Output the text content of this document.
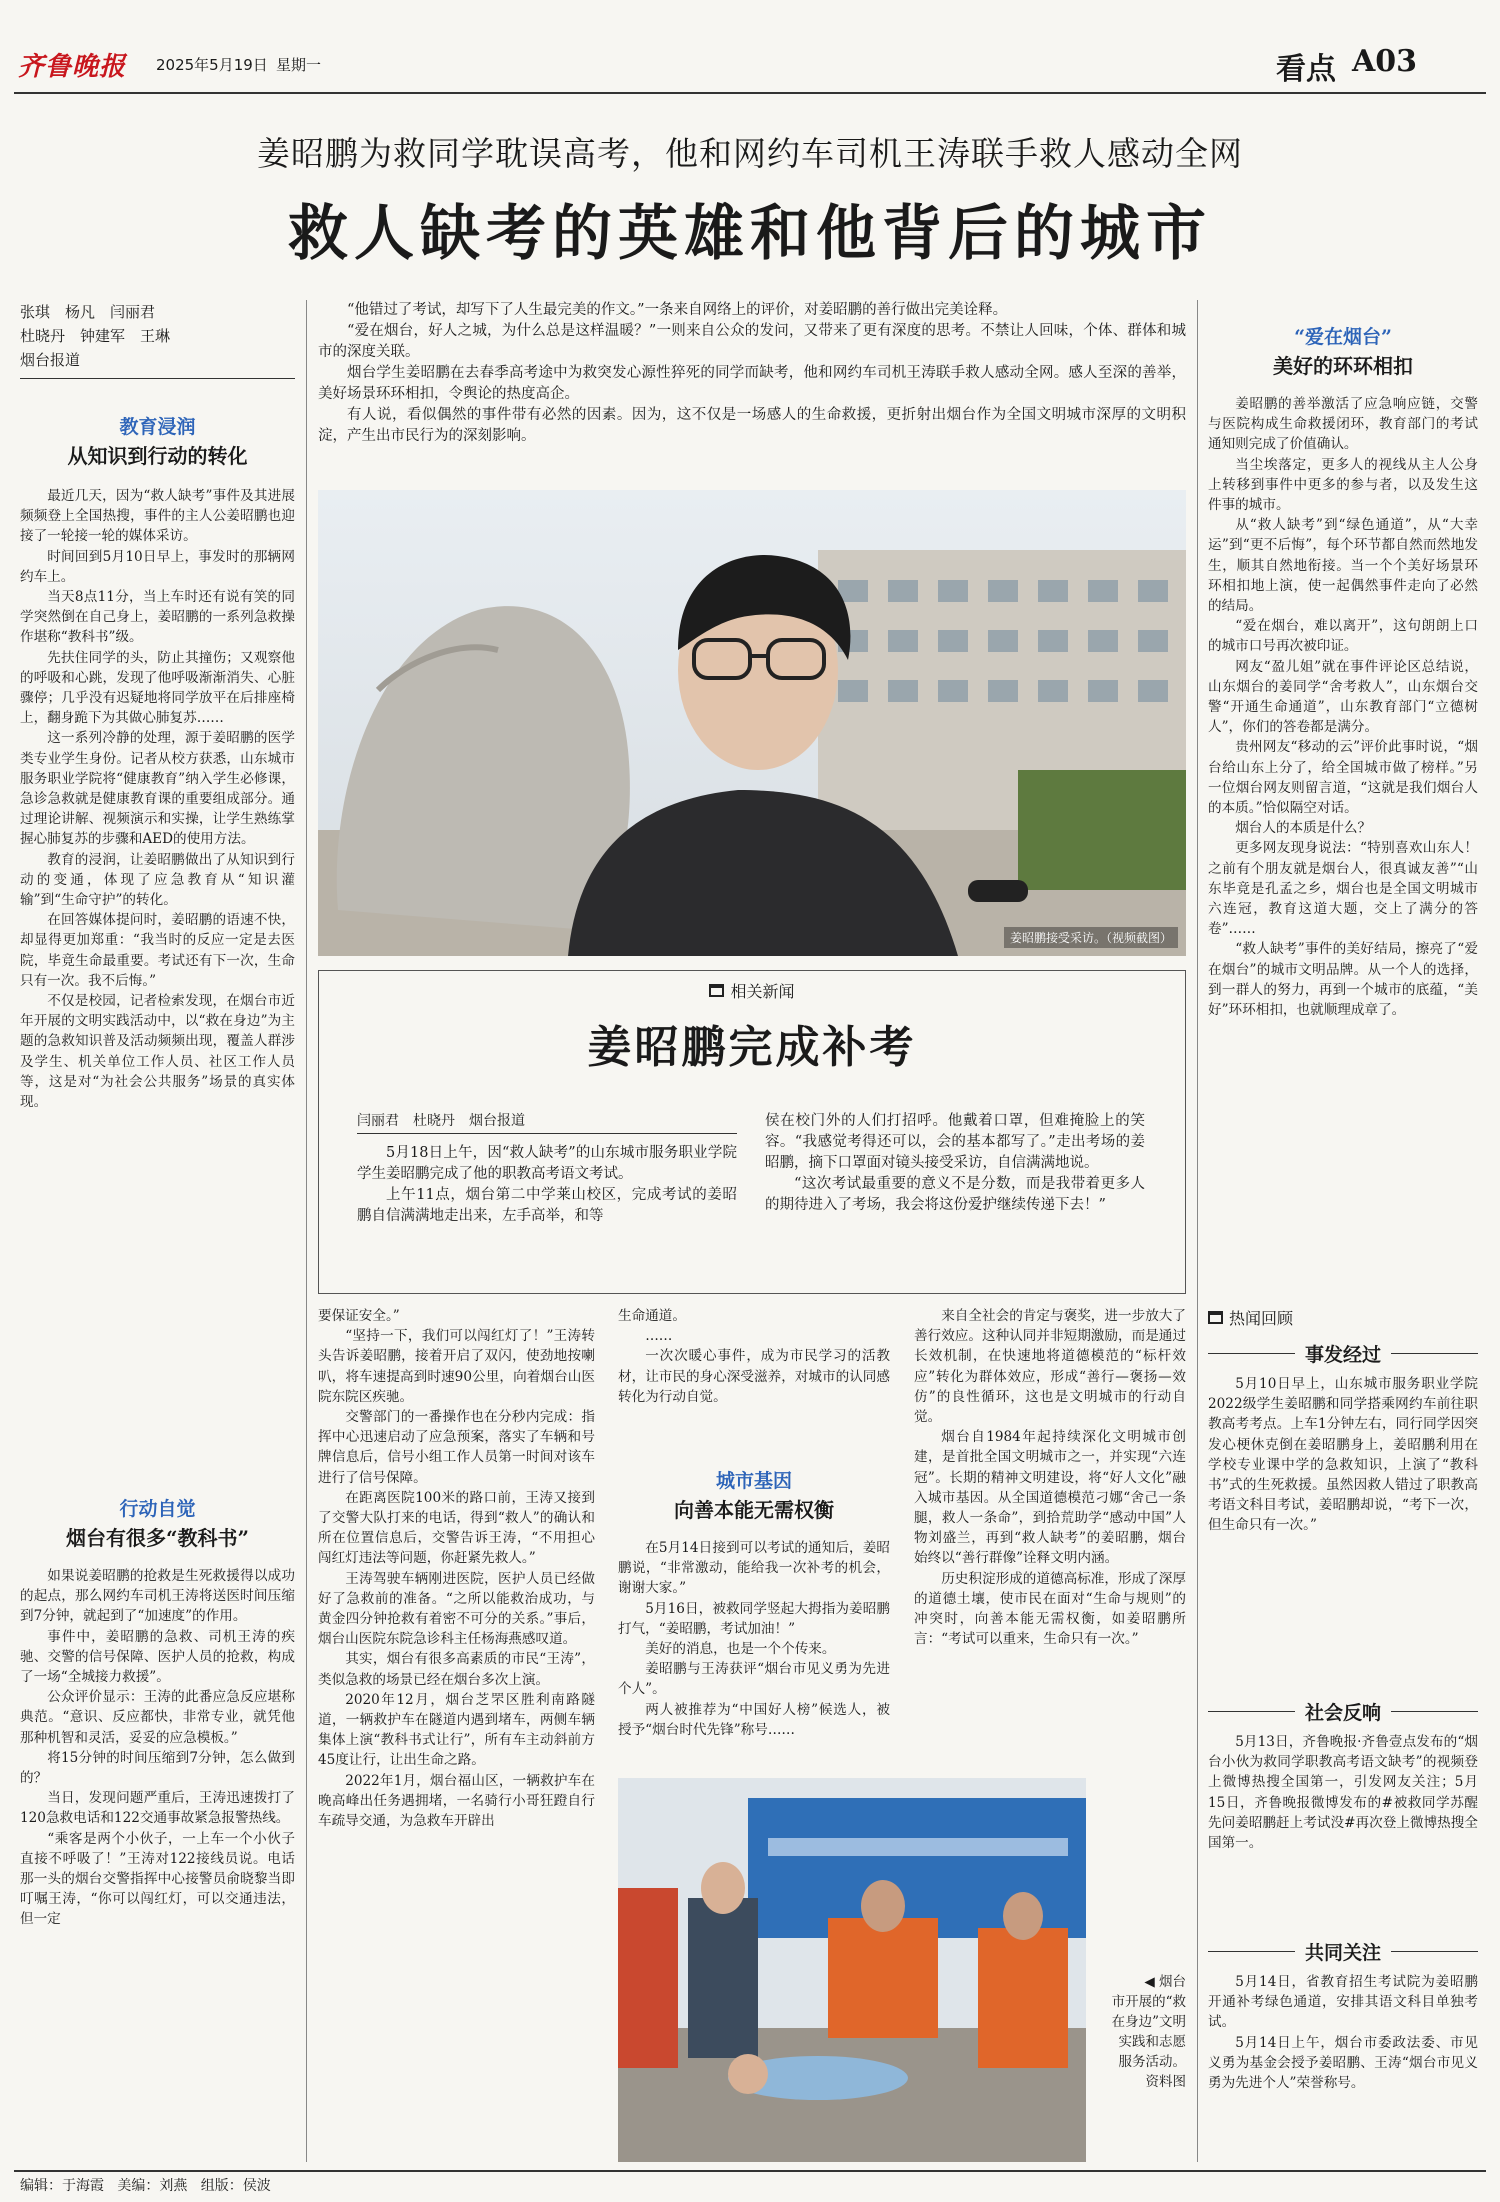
齐鲁晚报 2025年5月19日 星期一	看点 A03
姜昭鹏为救同学耽误高考，他和网约车司机王涛联手救人感动全网
救人缺考的英雄和他背后的城市
张琪　杨凡　闫丽君
杜晓丹　钟建军　王琳
烟台报道

“他错过了考试，却写下了人生最完美的作文。”一条来自网络上的评价，对姜昭鹏的善行做出完美诠释。

“爱在烟台，好人之城，为什么总是这样温暖？”一则来自公众的发问，又带来了更有深度的思考。不禁让人回味，个体、群体和城市的深度关联。

烟台学生姜昭鹏在去春季高考途中为救突发心源性猝死的同学而缺考，他和网约车司机王涛联手救人感动全网。感人至深的善举，美好场景环环相扣，令舆论的热度高企。

有人说，看似偶然的事件带有必然的因素。因为，这不仅是一场感人的生命救援，更折射出烟台作为全国文明城市深厚的文明积淀，产生出市民行为的深刻影响。

教育浸润
从知识到行动的转化

最近几天，因为“救人缺考”事件及其进展频频登上全国热搜，事件的主人公姜昭鹏也迎接了一轮接一轮的媒体采访。

时间回到5月10日早上，事发时的那辆网约车上。

当天8点11分，当上车时还有说有笑的同学突然倒在自己身上，姜昭鹏的一系列急救操作堪称“教科书”级。

先扶住同学的头，防止其撞伤；又观察他的呼吸和心跳，发现了他呼吸渐渐消失、心脏骤停；几乎没有迟疑地将同学放平在后排座椅上，翻身跪下为其做心肺复苏……

这一系列冷静的处理，源于姜昭鹏的医学类专业学生身份。记者从校方获悉，山东城市服务职业学院将“健康教育”纳入学生必修课，急诊急救就是健康教育课的重要组成部分。通过理论讲解、视频演示和实操，让学生熟练掌握心肺复苏的步骤和AED的使用方法。

教育的浸润，让姜昭鹏做出了从知识到行动的变通，体现了应急教育从“知识灌输”到“生命守护”的转化。

在回答媒体提问时，姜昭鹏的语速不快，却显得更加郑重：“我当时的反应一定是去医院，毕竟生命最重要。考试还有下一次，生命只有一次。我不后悔。”

不仅是校园，记者检索发现，在烟台市近年开展的文明实践活动中，以“救在身边”为主题的急救知识普及活动频频出现，覆盖人群涉及学生、机关单位工作人员、社区工作人员等，这是对“为社会公共服务”场景的真实体现。

行动自觉
烟台有很多“教科书”

如果说姜昭鹏的抢救是生死救援得以成功的起点，那么网约车司机王涛将送医时间压缩到7分钟，就起到了“加速度”的作用。

事件中，姜昭鹏的急救、司机王涛的疾驰、交警的信号保障、医护人员的抢救，构成了一场“全城接力救援”。

公众评价显示：王涛的此番应急反应堪称典范。“意识、反应都快，非常专业，就凭他那种机智和灵活，妥妥的应急模板。”

将15分钟的时间压缩到7分钟，怎么做到的？

当日，发现问题严重后，王涛迅速拨打了120急救电话和122交通事故紧急报警热线。

“乘客是两个小伙子，一上车一个小伙子直接不呼吸了！”王涛对122接线员说。电话那一头的烟台交警指挥中心接警员俞晓黎当即叮嘱王涛，“你可以闯红灯，可以交通违法，但一定

姜昭鹏接受采访。（视频截图）
相关新闻
姜昭鹏完成补考
闫丽君　杜晓丹　烟台报道

5月18日上午，因“救人缺考”的山东城市服务职业学院学生姜昭鹏完成了他的职教高考语文考试。

上午11点，烟台第二中学莱山校区，完成考试的姜昭鹏自信满满地走出来，左手高举，和等

侯在校门外的人们打招呼。他戴着口罩，但难掩脸上的笑容。“我感觉考得还可以，会的基本都写了。”走出考场的姜昭鹏，摘下口罩面对镜头接受采访，自信满满地说。

“这次考试最重要的意义不是分数，而是我带着更多人的期待进入了考场，我会将这份爱护继续传递下去！”

要保证安全。”

“坚持一下，我们可以闯红灯了！”王涛转头告诉姜昭鹏，接着开启了双闪，使劲地按喇叭，将车速提高到时速90公里，向着烟台山医院东院区疾驰。

交警部门的一番操作也在分秒内完成：指挥中心迅速启动了应急预案，落实了车辆和号牌信息后，信号小组工作人员第一时间对该车进行了信号保障。

在距离医院100米的路口前，王涛又接到了交警大队打来的电话，得到“救人”的确认和所在位置信息后，交警告诉王涛，“不用担心闯红灯违法等问题，你赶紧先救人。”

王涛驾驶车辆刚进医院，医护人员已经做好了急救前的准备。“之所以能救治成功，与黄金四分钟抢救有着密不可分的关系。”事后，烟台山医院东院急诊科主任杨海燕感叹道。

其实，烟台有很多高素质的市民“王涛”，类似急救的场景已经在烟台多次上演。

2020年12月，烟台芝罘区胜利南路隧道，一辆救护车在隧道内遇到堵车，两侧车辆集体上演“教科书式让行”，所有车主动斜前方45度让行，让出生命之路。

2022年1月，烟台福山区，一辆救护车在晚高峰出任务遇拥堵，一名骑行小哥狂蹬自行车疏导交通，为急救车开辟出

生命通道。

……

一次次暖心事件，成为市民学习的活教材，让市民的身心深受滋养，对城市的认同感转化为行动自觉。

城市基因
向善本能无需权衡

在5月14日接到可以考试的通知后，姜昭鹏说，“非常激动，能给我一次补考的机会，谢谢大家。”

5月16日，被救同学竖起大拇指为姜昭鹏打气，“姜昭鹏，考试加油！”

美好的消息，也是一个个传来。

姜昭鹏与王涛获评“烟台市见义勇为先进个人”。

两人被推荐为“中国好人榜”候选人，被授予“烟台时代先锋”称号……

来自全社会的肯定与褒奖，进一步放大了善行效应。这种认同并非短期激励，而是通过长效机制，在快速地将道德模范的“标杆效应”转化为群体效应，形成“善行—褒扬—效仿”的良性循环，这也是文明城市的行动自觉。

烟台自1984年起持续深化文明城市创建，是首批全国文明城市之一，并实现“六连冠”。长期的精神文明建设，将“好人文化”融入城市基因。从全国道德模范刁娜“舍己一条腿，救人一条命”，到拾荒助学“感动中国”人物刘盛兰，再到“救人缺考”的姜昭鹏，烟台始终以“善行群像”诠释文明内涵。

历史积淀形成的道德高标准，形成了深厚的道德土壤，使市民在面对“生命与规则”的冲突时，向善本能无需权衡，如姜昭鹏所言：“考试可以重来，生命只有一次。”

◀ 烟台
市开展的“救
在身边”文明
实践和志愿
服务活动。
资料图
“爱在烟台”
美好的环环相扣

姜昭鹏的善举激活了应急响应链，交警与医院构成生命救援闭环，教育部门的考试通知则完成了价值确认。

当尘埃落定，更多人的视线从主人公身上转移到事件中更多的参与者，以及发生这件事的城市。

从“救人缺考”到“绿色通道”，从“大幸运”到“更不后悔”，每个环节都自然而然地发生，顺其自然地衔接。当一个个美好场景环环相扣地上演，使一起偶然事件走向了必然的结局。

“爱在烟台，难以离开”，这句朗朗上口的城市口号再次被印证。

网友“盈儿姐”就在事件评论区总结说，山东烟台的姜同学“舍考救人”，山东烟台交警“开通生命通道”，山东教育部门“立德树人”，你们的答卷都是满分。

贵州网友“移动的云”评价此事时说，“烟台给山东上分了，给全国城市做了榜样。”另一位烟台网友则留言道，“这就是我们烟台人的本质。”恰似隔空对话。

烟台人的本质是什么？

更多网友现身说法：“特别喜欢山东人！之前有个朋友就是烟台人，很真诚友善”“山东毕竟是孔孟之乡，烟台也是全国文明城市六连冠，教育这道大题，交上了满分的答卷”……

“救人缺考”事件的美好结局，擦亮了“爱在烟台”的城市文明品牌。从一个人的选择，到一群人的努力，再到一个城市的底蕴，“美好”环环相扣，也就顺理成章了。

热闻回顾
事发经过

5月10日早上，山东城市服务职业学院2022级学生姜昭鹏和同学搭乘网约车前往职教高考考点。上车1分钟左右，同行同学因突发心梗休克倒在姜昭鹏身上，姜昭鹏利用在学校专业课中学的急救知识，上演了“教科书”式的生死救援。虽然因救人错过了职教高考语文科目考试，姜昭鹏却说，“考下一次，但生命只有一次。”

社会反响

5月13日，齐鲁晚报·齐鲁壹点发布的“烟台小伙为救同学职教高考语文缺考”的视频登上微博热搜全国第一，引发网友关注；5月15日，齐鲁晚报微博发布的#被救同学苏醒先问姜昭鹏赶上考试没#再次登上微博热搜全国第一。

共同关注

5月14日，省教育招生考试院为姜昭鹏开通补考绿色通道，安排其语文科目单独考试。

5月14日上午，烟台市委政法委、市见义勇为基金会授予姜昭鹏、王涛“烟台市见义勇为先进个人”荣誉称号。

编辑：于海霞 美编：刘燕 组版：侯波
